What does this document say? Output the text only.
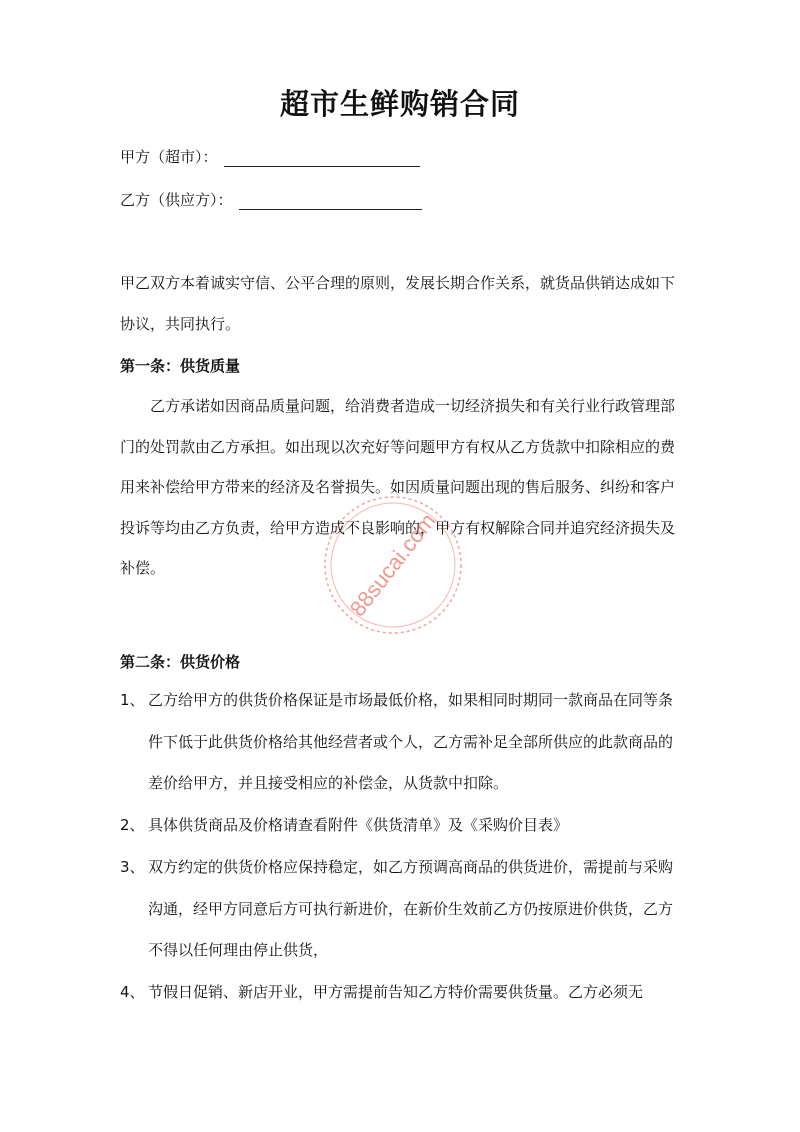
超市生鲜购销合同
甲方（超市）：
乙方（供应方）：

甲乙双方本着诚实守信、公平合理的原则，发展长期合作关系，就货品供销达成如下协议，共同执行。

第一条：供货质量

乙方承诺如因商品质量问题，给消费者造成一切经济损失和有关行业行政管理部门的处罚款由乙方承担。如出现以次充好等问题甲方有权从乙方货款中扣除相应的费用来补偿给甲方带来的经济及名誉损失。如因质量问题出现的售后服务、纠纷和客户投诉等均由乙方负责，给甲方造成不良影响的，甲方有权解除合同并追究经济损失及补偿。

第二条：供货价格
1、 乙方给甲方的供货价格保证是市场最低价格，如果相同时期同一款商品在同等条件下低于此供货价格给其他经营者或个人，乙方需补足全部所供应的此款商品的差价给甲方，并且接受相应的补偿金，从货款中扣除。
2、 具体供货商品及价格请查看附件《供货清单》及《采购价目表》
3、 双方约定的供货价格应保持稳定，如乙方预调高商品的供货进价，需提前与采购沟通，经甲方同意后方可执行新进价，在新价生效前乙方仍按原进价供货，乙方不得以任何理由停止供货，
4、 节假日促销、新店开业，甲方需提前告知乙方特价需要供货量。乙方必须无
88sucai.com
